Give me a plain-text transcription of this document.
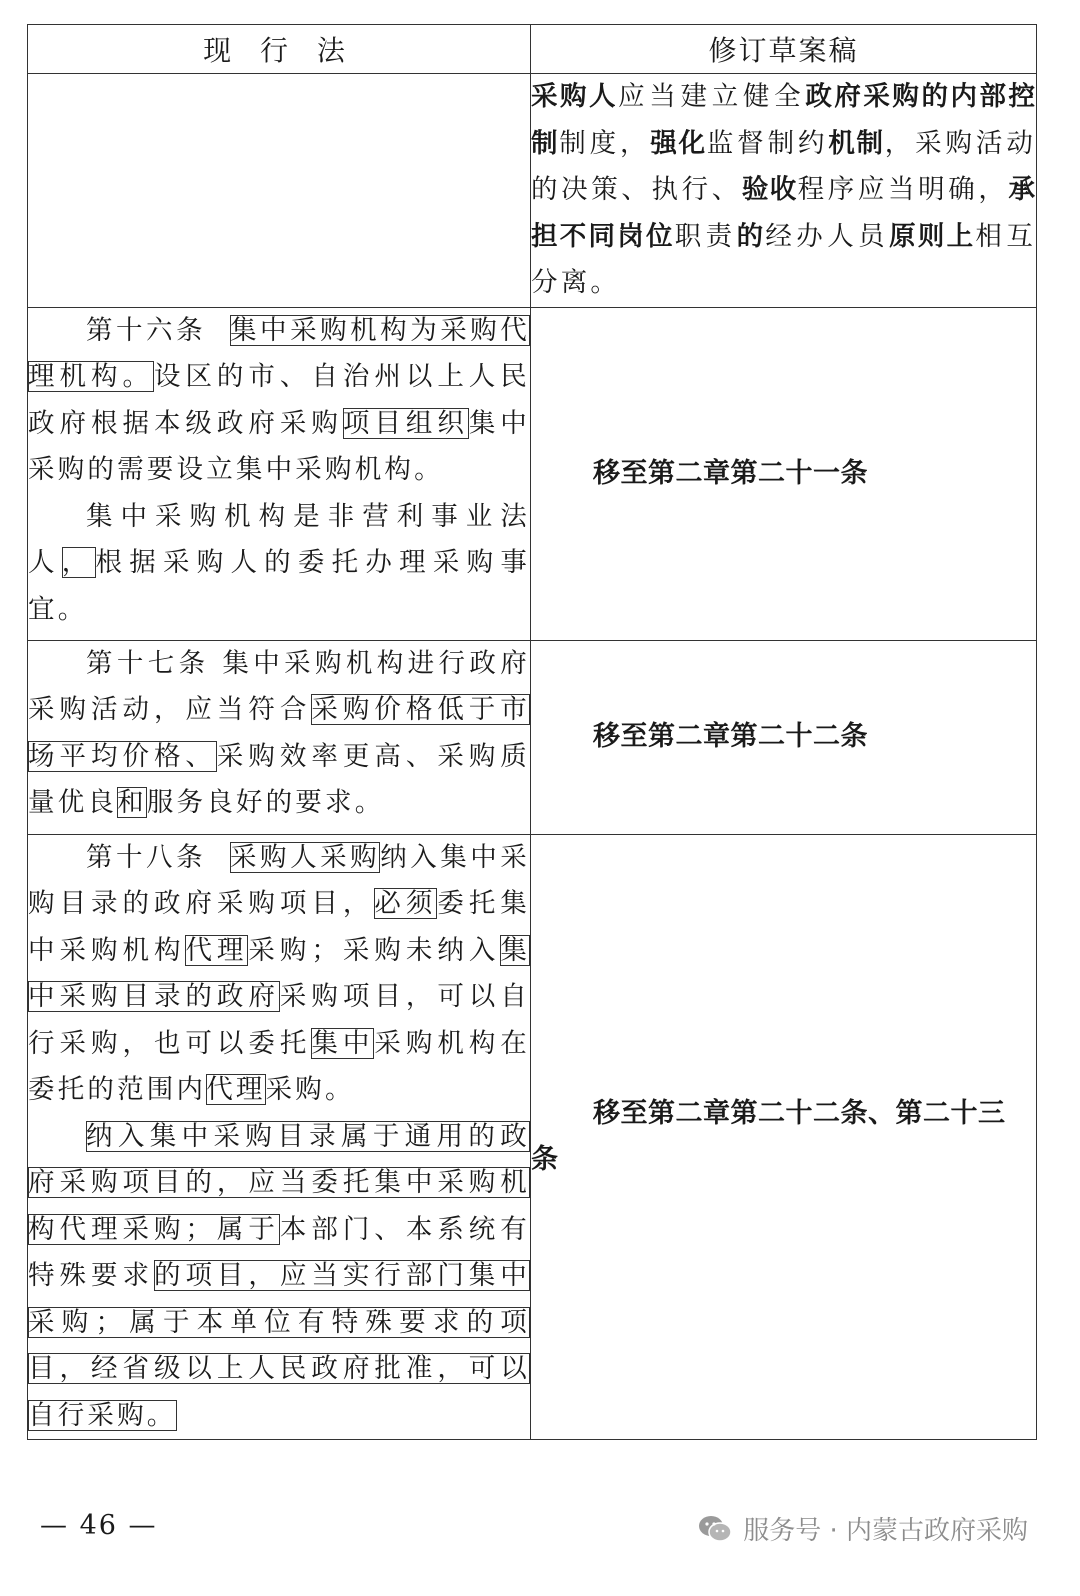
现 行 法	修订草案稿

	采购人应当建立健全政府采购的内部控制制度，强化监督制约机制，采购活动的决策、执行、验收程序应当明确，承担不同岗位职责的经办人员原则上相互分离。

第十六条 集中采购机构为采购代理机构。设区的市、自治州以上人民政府根据本级政府采购项目组织集中采购的需要设立集中采购机构。

集中采购机构是非营利事业法人，根据采购人的委托办理采购事宜。	移至第二章第二十一条

第十七条 集中采购机构进行政府采购活动，应当符合采购价格低于市场平均价格、采购效率更高、采购质量优良和服务良好的要求。	移至第二章第二十二条

第十八条 采购人采购纳入集中采购目录的政府采购项目，必须委托集中采购机构代理采购；采购未纳入集中采购目录的政府采购项目，可以自行采购，也可以委托集中采购机构在委托的范围内代理采购。

纳入集中采购目录属于通用的政府采购项目的，应当委托集中采购机构代理采购；属于本部门、本系统有特殊要求的项目，应当实行部门集中采购；属于本单位有特殊要求的项目，经省级以上人民政府批准，可以自行采购。	移至第二章第二十二条、第二十三条

— 46 —	服务号 · 内蒙古政府采购
